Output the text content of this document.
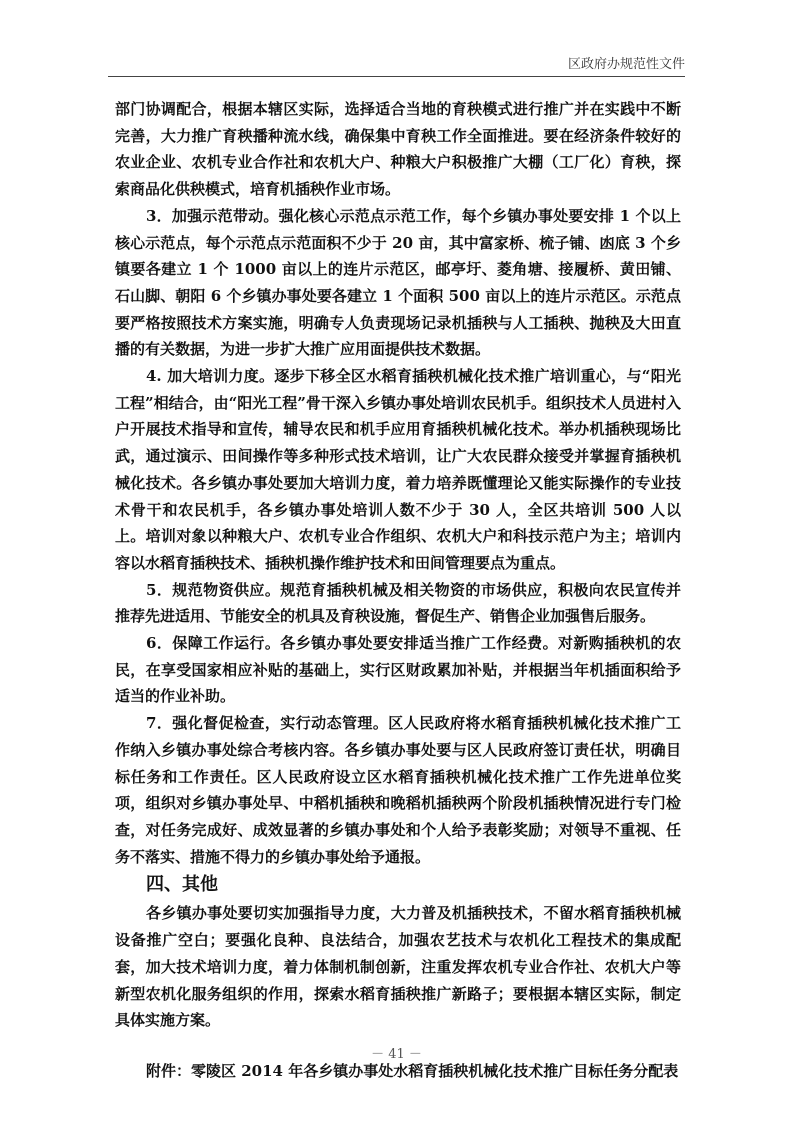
区政府办规范性文件

部门协调配合，根据本辖区实际，选择适合当地的育秧模式进行推广并在实践中不断完善，大力推广育秧播种流水线，确保集中育秧工作全面推进。要在经济条件较好的农业企业、农机专业合作社和农机大户、种粮大户积极推广大棚（工厂化）育秧，探索商品化供秧模式，培育机插秧作业市场。

3．加强示范带动。强化核心示范点示范工作，每个乡镇办事处要安排 1 个以上核心示范点，每个示范点示范面积不少于 20 亩，其中富家桥、梳子铺、凼底 3 个乡镇要各建立 1 个 1000 亩以上的连片示范区，邮亭圩、菱角塘、接履桥、黄田铺、石山脚、朝阳 6 个乡镇办事处要各建立 1 个面积 500 亩以上的连片示范区。示范点要严格按照技术方案实施，明确专人负责现场记录机插秧与人工插秧、抛秧及大田直播的有关数据，为进一步扩大推广应用面提供技术数据。

4. 加大培训力度。逐步下移全区水稻育插秧机械化技术推广培训重心，与“阳光工程”相结合，由“阳光工程”骨干深入乡镇办事处培训农民机手。组织技术人员进村入户开展技术指导和宣传，辅导农民和机手应用育插秧机械化技术。举办机插秧现场比武，通过演示、田间操作等多种形式技术培训，让广大农民群众接受并掌握育插秧机械化技术。各乡镇办事处要加大培训力度，着力培养既懂理论又能实际操作的专业技术骨干和农民机手，各乡镇办事处培训人数不少于 30 人，全区共培训 500 人以上。培训对象以种粮大户、农机专业合作组织、农机大户和科技示范户为主；培训内容以水稻育插秧技术、插秧机操作维护技术和田间管理要点为重点。

5．规范物资供应。规范育插秧机械及相关物资的市场供应，积极向农民宣传并推荐先进适用、节能安全的机具及育秧设施，督促生产、销售企业加强售后服务。

6．保障工作运行。各乡镇办事处要安排适当推广工作经费。对新购插秧机的农民，在享受国家相应补贴的基础上，实行区财政累加补贴，并根据当年机插面积给予适当的作业补助。

7．强化督促检查，实行动态管理。区人民政府将水稻育插秧机械化技术推广工作纳入乡镇办事处综合考核内容。各乡镇办事处要与区人民政府签订责任状，明确目标任务和工作责任。区人民政府设立区水稻育插秧机械化技术推广工作先进单位奖项，组织对乡镇办事处早、中稻机插秧和晚稻机插秧两个阶段机插秧情况进行专门检查，对任务完成好、成效显著的乡镇办事处和个人给予表彰奖励；对领导不重视、任务不落实、措施不得力的乡镇办事处给予通报。

四、其他

各乡镇办事处要切实加强指导力度，大力普及机插秧技术，不留水稻育插秧机械设备推广空白；要强化良种、良法结合，加强农艺技术与农机化工程技术的集成配套，加大技术培训力度，着力体制机制创新，注重发挥农机专业合作社、农机大户等新型农机化服务组织的作用，探索水稻育插秧推广新路子；要根据本辖区实际，制定具体实施方案。

附件：零陵区 2014 年各乡镇办事处水稻育插秧机械化技术推广目标任务分配表

－ 41 －
